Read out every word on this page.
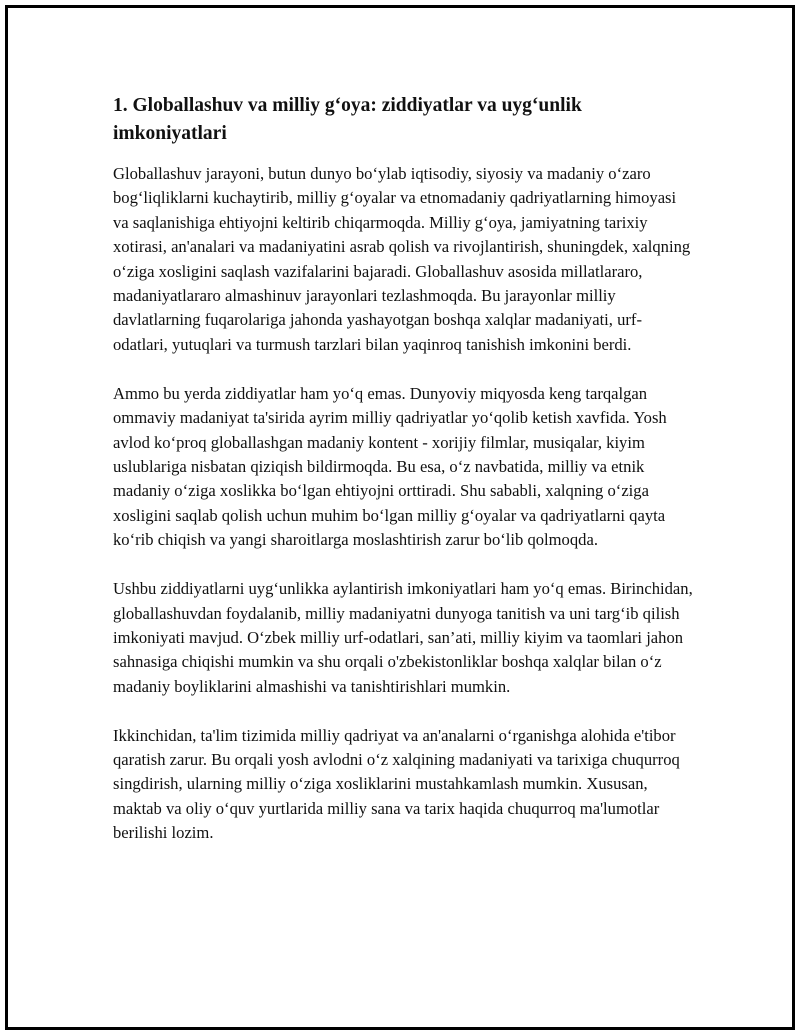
1. Globallashuv va milliy g‘oya: ziddiyatlar va uyg‘unlik imkoniyatlari

Globallashuv jarayoni, butun dunyo bo‘ylab iqtisodiy, siyosiy va madaniy o‘zaro bog‘liqliklarni kuchaytirib, milliy g‘oyalar va etnomadaniy qadriyatlarning himoyasi va saqlanishiga ehtiyojni keltirib chiqarmoqda. Milliy g‘oya, jamiyatning tarixiy xotirasi, an'analari va madaniyatini asrab qolish va rivojlantirish, shuningdek, xalqning o‘ziga xosligini saqlash vazifalarini bajaradi. Globallashuv asosida millatlararo, madaniyatlararo almashinuv jarayonlari tezlashmoqda. Bu jarayonlar milliy davlatlarning fuqarolariga jahonda yashayotgan boshqa xalqlar madaniyati, urf-odatlari, yutuqlari va turmush tarzlari bilan yaqinroq tanishish imkonini berdi.

Ammo bu yerda ziddiyatlar ham yo‘q emas. Dunyoviy miqyosda keng tarqalgan ommaviy madaniyat ta'sirida ayrim milliy qadriyatlar yo‘qolib ketish xavfida. Yosh avlod ko‘proq globallashgan madaniy kontent - xorijiy filmlar, musiqalar, kiyim uslublariga nisbatan qiziqish bildirmoqda. Bu esa, o‘z navbatida, milliy va etnik madaniy o‘ziga xoslikka bo‘lgan ehtiyojni orttiradi. Shu sababli, xalqning o‘ziga xosligini saqlab qolish uchun muhim bo‘lgan milliy g‘oyalar va qadriyatlarni qayta ko‘rib chiqish va yangi sharoitlarga moslashtirish zarur bo‘lib qolmoqda.

Ushbu ziddiyatlarni uyg‘unlikka aylantirish imkoniyatlari ham yo‘q emas. Birinchidan, globallashuvdan foydalanib, milliy madaniyatni dunyoga tanitish va uni targ‘ib qilish imkoniyati mavjud. O‘zbek milliy urf-odatlari, san’ati, milliy kiyim va taomlari jahon sahnasiga chiqishi mumkin va shu orqali o'zbekistonliklar boshqa xalqlar bilan o‘z madaniy boyliklarini almashishi va tanishtirishlari mumkin.

Ikkinchidan, ta'lim tizimida milliy qadriyat va an'analarni o‘rganishga alohida e'tibor qaratish zarur. Bu orqali yosh avlodni o‘z xalqining madaniyati va tarixiga chuqurroq singdirish, ularning milliy o‘ziga xosliklarini mustahkamlash mumkin. Xususan, maktab va oliy o‘quv yurtlarida milliy sana va tarix haqida chuqurroq ma'lumotlar berilishi lozim.
